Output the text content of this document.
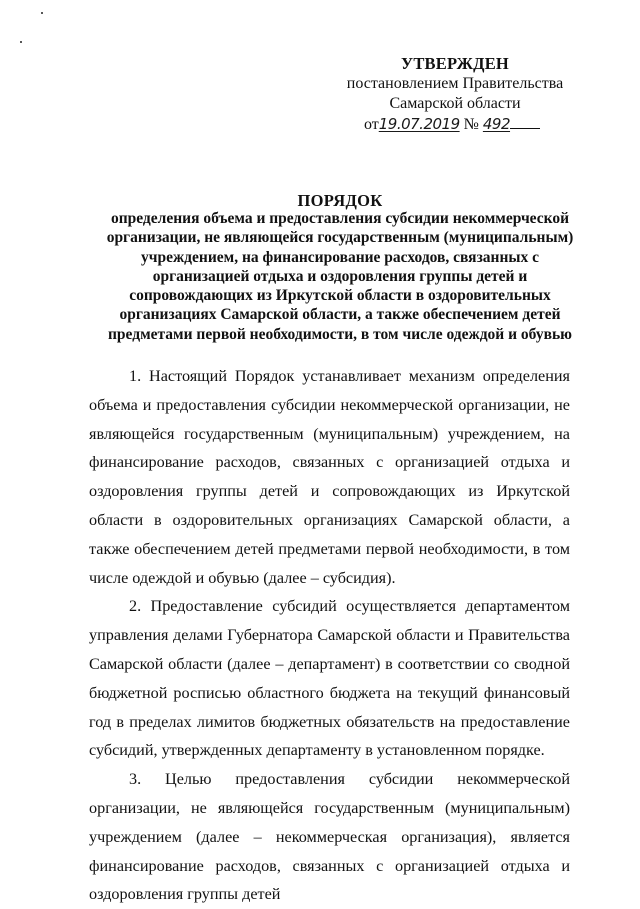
УТВЕРЖДЕН
постановлением Правительства
Самарской области
от19.07.2019 № 492
ПОРЯДОК
определения объема и предоставления субсидии некоммерческой организации, не являющейся государственным (муниципальным) учреждением, на финансирование расходов, связанных с организацией отдыха и оздоровления группы детей и сопровождающих из Иркутской области в оздоровительных организациях Самарской области, а также обеспечением детей предметами первой необходимости, в том числе одеждой и обувью

1. Настоящий Порядок устанавливает механизм определения объема и предоставления субсидии некоммерческой организации, не являющейся государственным (муниципальным) учреждением, на финансирование расходов, связанных с организацией отдыха и оздоровления группы детей и сопровождающих из Иркутской области в оздоровительных организациях Самарской области, а также обеспечением детей предметами первой необходимости, в том числе одеждой и обувью (далее – субсидия).

2. Предоставление субсидий осуществляется департаментом управления делами Губернатора Самарской области и Правительства Самарской области (далее – департамент) в соответствии со сводной бюджетной росписью областного бюджета на текущий финансовый год в пределах лимитов бюджетных обязательств на предоставление субсидий, утвержденных департаменту в установленном порядке.

3. Целью предоставления субсидии некоммерческой организации, не являющейся государственным (муниципальным) учреждением (далее – некоммерческая организация), является финансирование расходов, связанных с организацией отдыха и оздоровления группы детей
